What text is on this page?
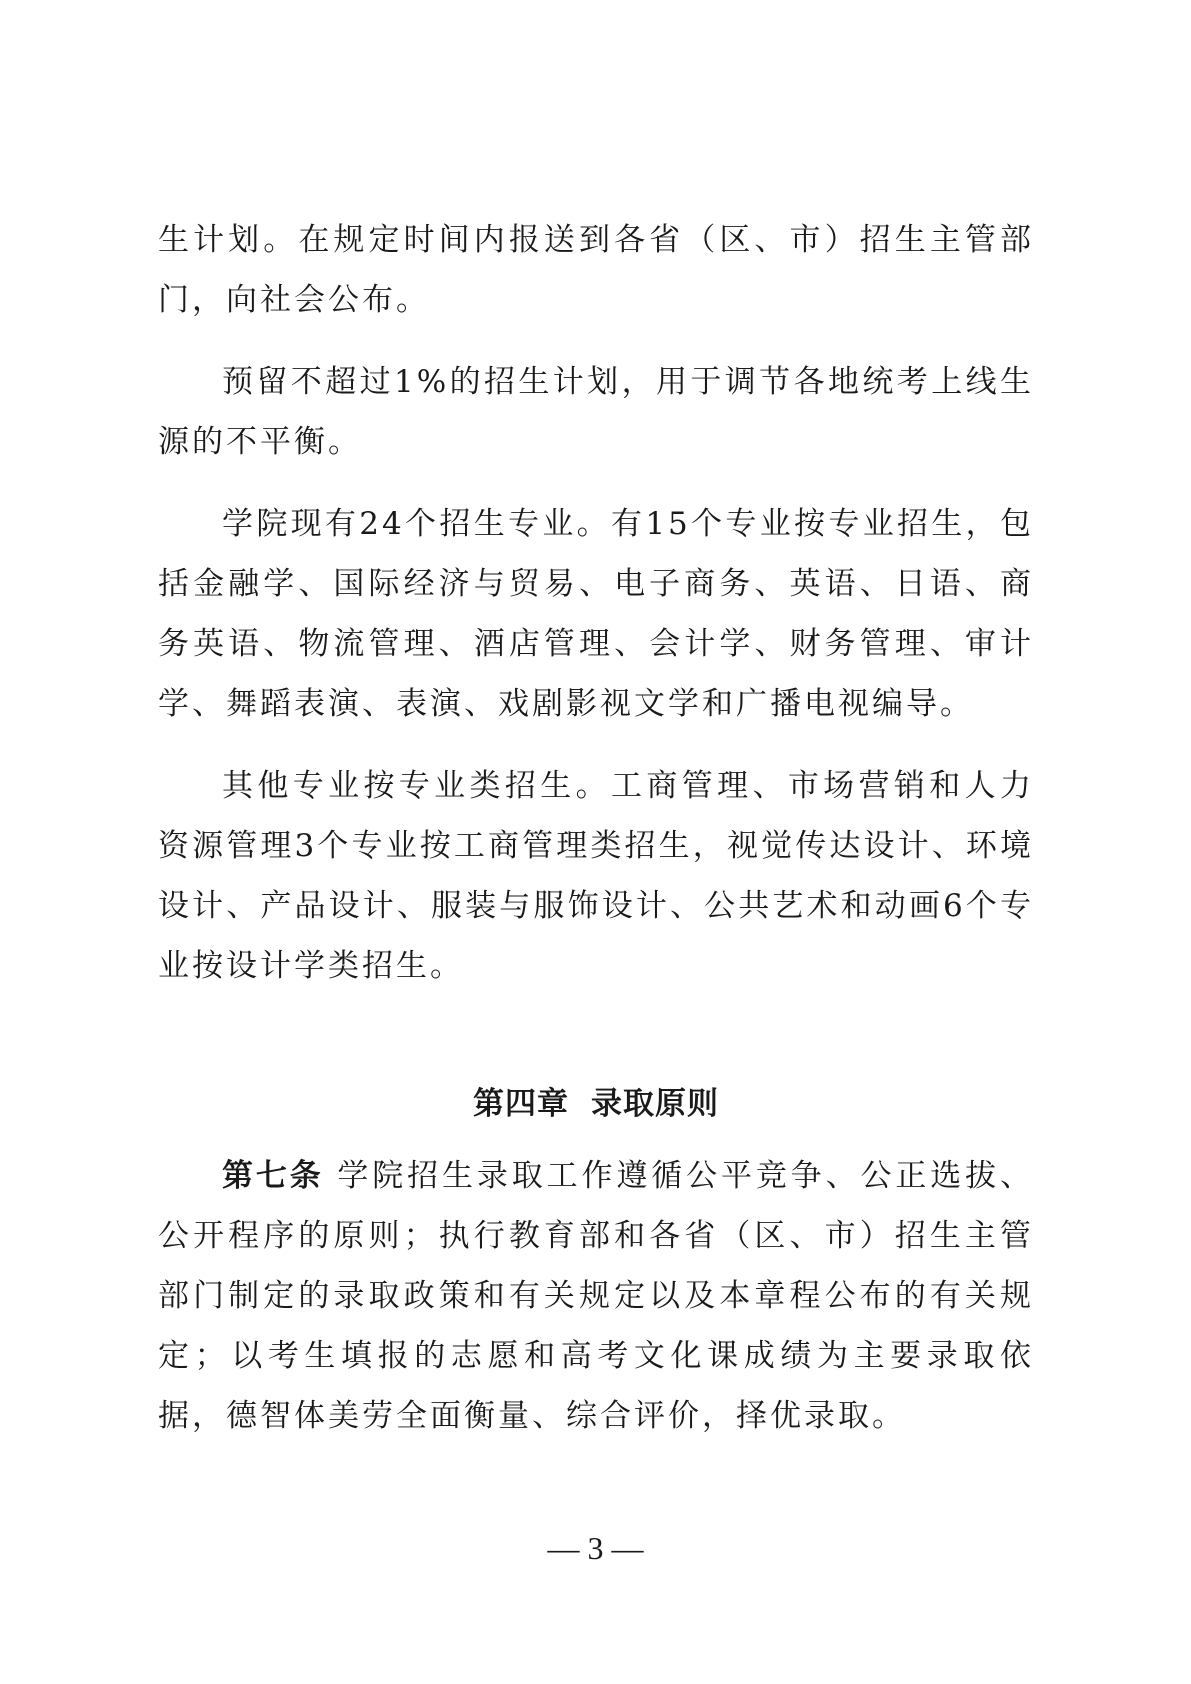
生计划。在规定时间内报送到各省（区、市）招生主管部门，向社会公布。

预留不超过1%的招生计划，用于调节各地统考上线生源的不平衡。

学院现有24个招生专业。有15个专业按专业招生，包括金融学、国际经济与贸易、电子商务、英语、日语、商务英语、物流管理、酒店管理、会计学、财务管理、审计学、舞蹈表演、表演、戏剧影视文学和广播电视编导。

其他专业按专业类招生。工商管理、市场营销和人力资源管理3个专业按工商管理类招生，视觉传达设计、环境设计、产品设计、服装与服饰设计、公共艺术和动画6个专业按设计学类招生。

第四章 录取原则

第七条 学院招生录取工作遵循公平竞争、公正选拔、公开程序的原则；执行教育部和各省（区、市）招生主管部门制定的录取政策和有关规定以及本章程公布的有关规定；以考生填报的志愿和高考文化课成绩为主要录取依据，德智体美劳全面衡量、综合评价，择优录取。

— 3 —
